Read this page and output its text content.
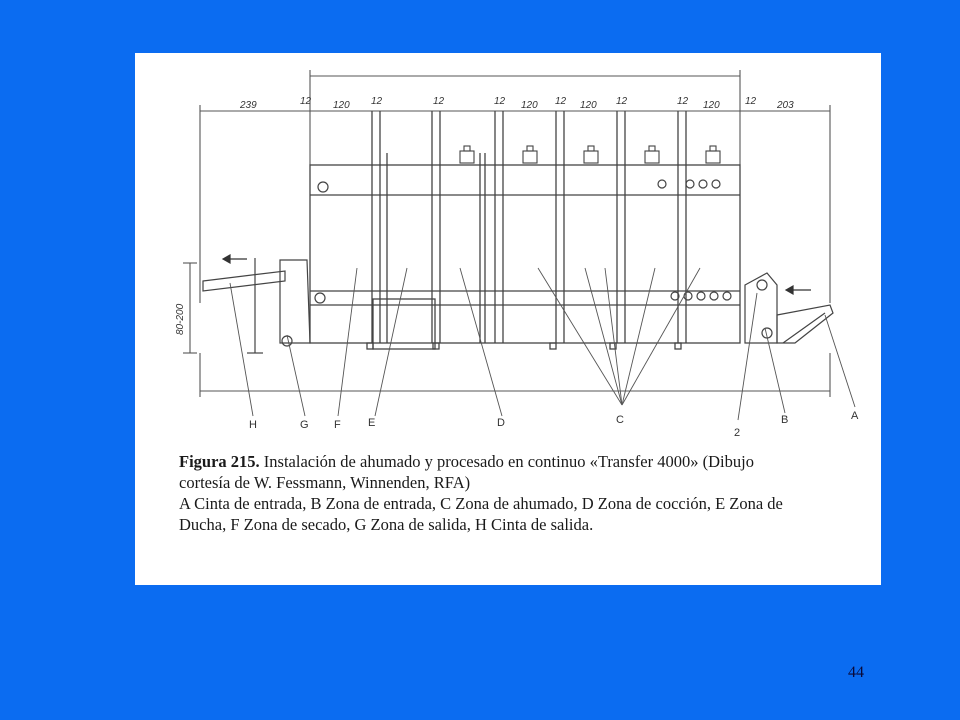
239	12 120 12	12	12 120 12 120 12	12 120	12 203
80-200
H	G F E	D	C
2
B	A
Figura 215. Instalación de ahumado y procesado en continuo «Transfer 4000» (Dibujo
cortesía de W. Fessmann, Winnenden, RFA)
A Cinta de entrada, B Zona de entrada, C Zona de ahumado, D Zona de cocción, E Zona de
Ducha, F Zona de secado, G Zona de salida, H Cinta de salida.
44
